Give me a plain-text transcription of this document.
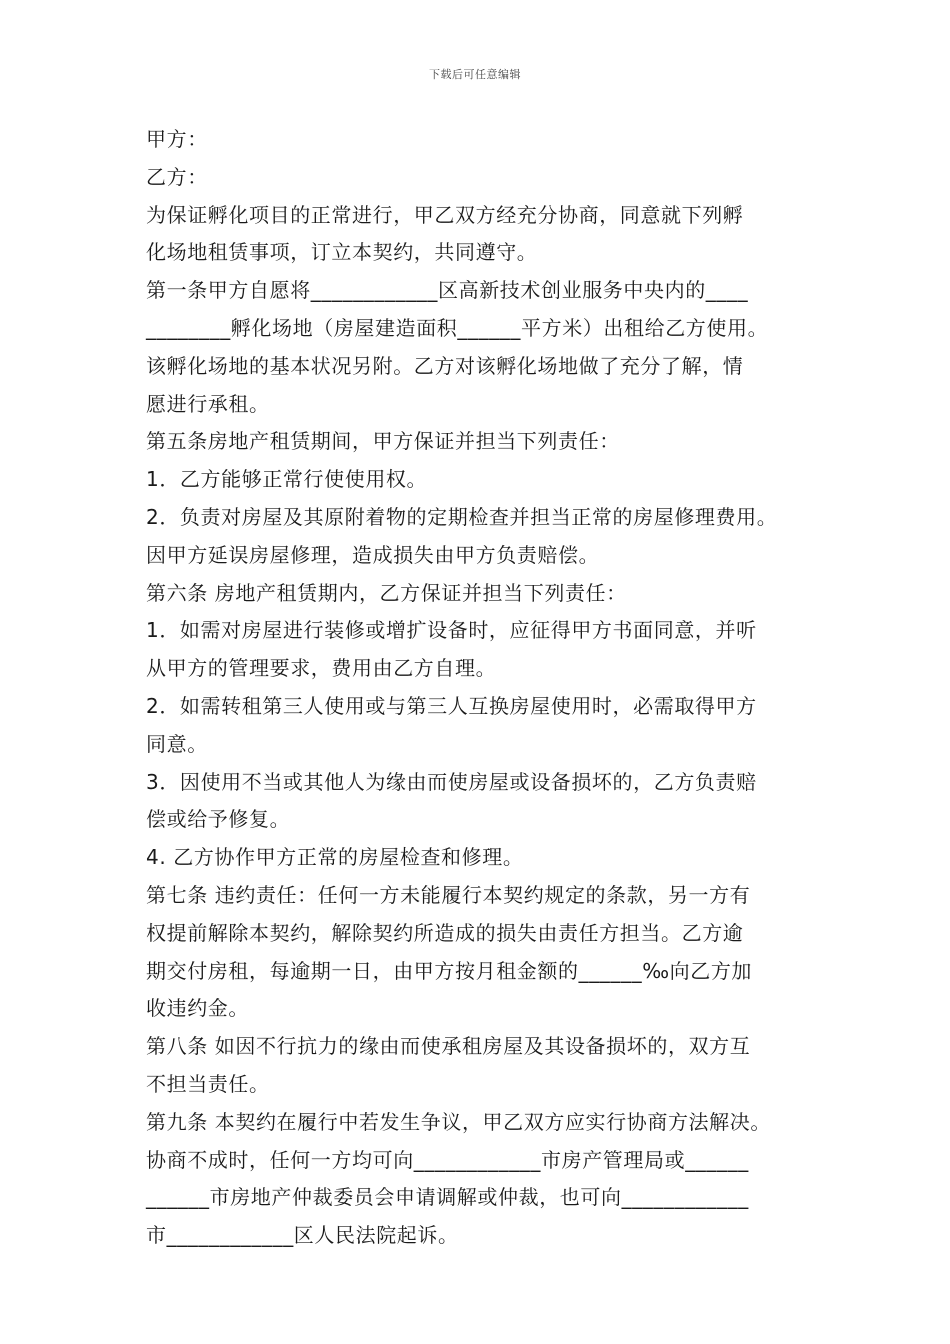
下载后可任意编辑
甲方：
乙方：
为保证孵化项目的正常进行，甲乙双方经充分协商，同意就下列孵
化场地租赁事项，订立本契约，共同遵守。
第一条甲方自愿将____________区高新技术创业服务中央内的____
________孵化场地（房屋建造面积______平方米）出租给乙方使用。
该孵化场地的基本状况另附。乙方对该孵化场地做了充分了解，情
愿进行承租。
第五条房地产租赁期间，甲方保证并担当下列责任：
1．乙方能够正常行使使用权。
2．负责对房屋及其原附着物的定期检查并担当正常的房屋修理费用。
因甲方延误房屋修理，造成损失由甲方负责赔偿。
第六条 房地产租赁期内，乙方保证并担当下列责任：
1．如需对房屋进行装修或增扩设备时，应征得甲方书面同意，并听
从甲方的管理要求，费用由乙方自理。
2．如需转租第三人使用或与第三人互换房屋使用时，必需取得甲方
同意。
3．因使用不当或其他人为缘由而使房屋或设备损坏的，乙方负责赔
偿或给予修复。
4. 乙方协作甲方正常的房屋检查和修理。
第七条 违约责任：任何一方未能履行本契约规定的条款，另一方有
权提前解除本契约，解除契约所造成的损失由责任方担当。乙方逾
期交付房租，每逾期一日，由甲方按月租金额的______‰向乙方加
收违约金。
第八条 如因不行抗力的缘由而使承租房屋及其设备损坏的，双方互
不担当责任。
第九条 本契约在履行中若发生争议，甲乙双方应实行协商方法解决。
协商不成时，任何一方均可向____________市房产管理局或______
______市房地产仲裁委员会申请调解或仲裁，也可向____________
市____________区人民法院起诉。
